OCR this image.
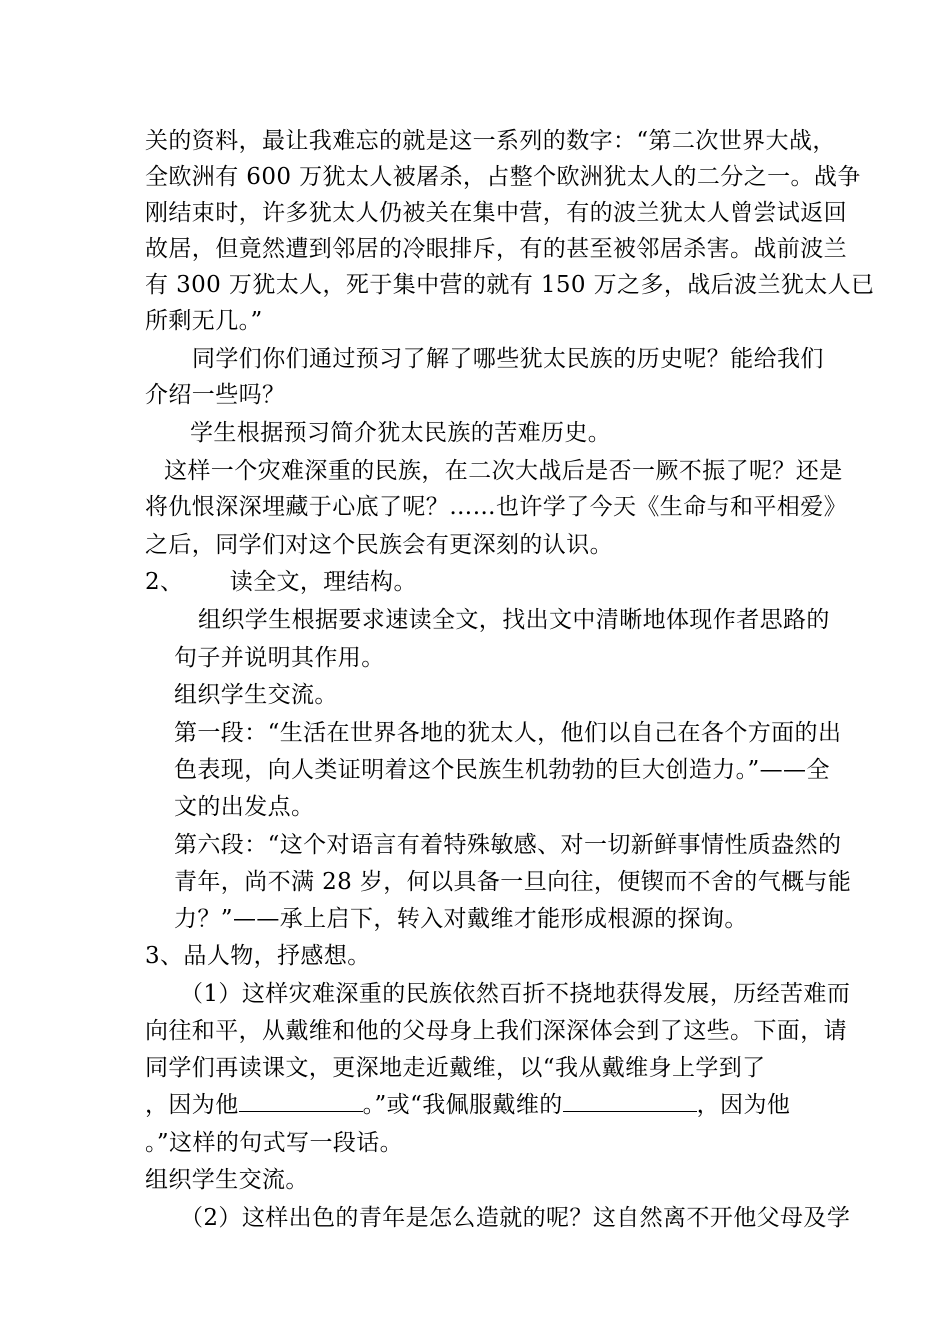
关的资料，最让我难忘的就是这一系列的数字：“第二次世界大战，
全欧洲有 600 万犹太人被屠杀，占整个欧洲犹太人的二分之一。战争
刚结束时，许多犹太人仍被关在集中营，有的波兰犹太人曾尝试返回
故居，但竟然遭到邻居的冷眼排斥，有的甚至被邻居杀害。战前波兰
有 300 万犹太人，死于集中营的就有 150 万之多，战后波兰犹太人已
所剩无几。”
同学们你们通过预习了解了哪些犹太民族的历史呢？能给我们
介绍一些吗？
学生根据预习简介犹太民族的苦难历史。
这样一个灾难深重的民族，在二次大战后是否一厥不振了呢？还是
将仇恨深深埋藏于心底了呢？……也许学了今天《生命与和平相爱》
之后，同学们对这个民族会有更深刻的认识。
2、      读全文，理结构。
组织学生根据要求速读全文，找出文中清晰地体现作者思路的
句子并说明其作用。
组织学生交流。
第一段：“生活在世界各地的犹太人，他们以自己在各个方面的出
色表现，向人类证明着这个民族生机勃勃的巨大创造力。”——全
文的出发点。
第六段：“这个对语言有着特殊敏感、对一切新鲜事情性质盎然的
青年，尚不满 28 岁，何以具备一旦向往，便锲而不舍的气概与能
力？”——承上启下，转入对戴维才能形成根源的探询。
3、品人物，抒感想。
（1）这样灾难深重的民族依然百折不挠地获得发展，历经苦难而
向往和平，从戴维和他的父母身上我们深深体会到了这些。下面，请
同学们再读课文，更深地走近戴维，以“我从戴维身上学到了
，因为他	。”或“我佩服戴维的	，因为他
。”这样的句式写一段话。
组织学生交流。
（2）这样出色的青年是怎么造就的呢？这自然离不开他父母及学
